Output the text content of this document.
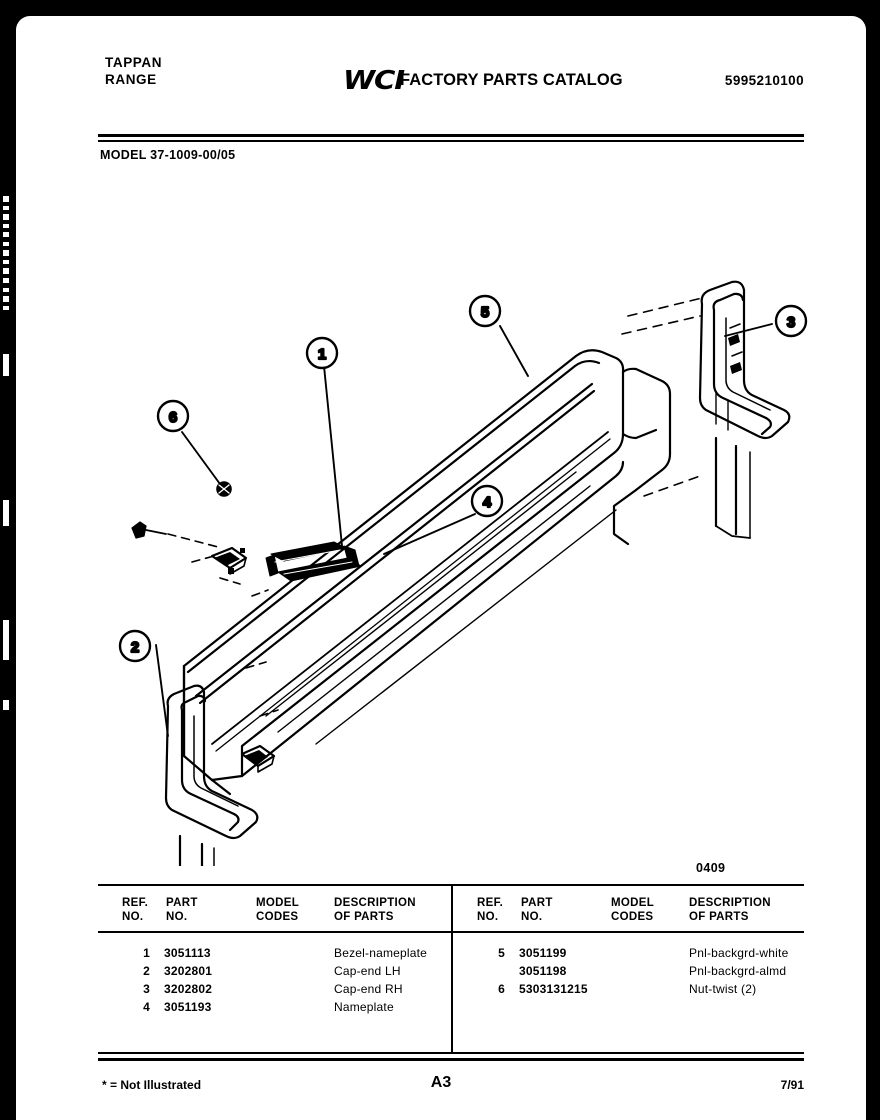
TAPPAN
RANGE	WCI
FACTORY PARTS CATALOG	5995210100
MODEL 37-1009-00/05
1
2
3
4
5
6
0409
REF.
NO.
PART
NO.
MODEL
CODES
DESCRIPTION
OF PARTS
1 3051113	Bezel-nameplate
2 3202801	Cap-end LH
3 3202802	Cap-end RH
4 3051193	Nameplate
REF.
NO.
PART
NO.
MODEL
CODES
DESCRIPTION
OF PARTS
5 3051199	Pnl-backgrd-white
3051198	Pnl-backgrd-almd
6 5303131215	Nut-twist (2)
* = Not Illustrated	A3	7/91
